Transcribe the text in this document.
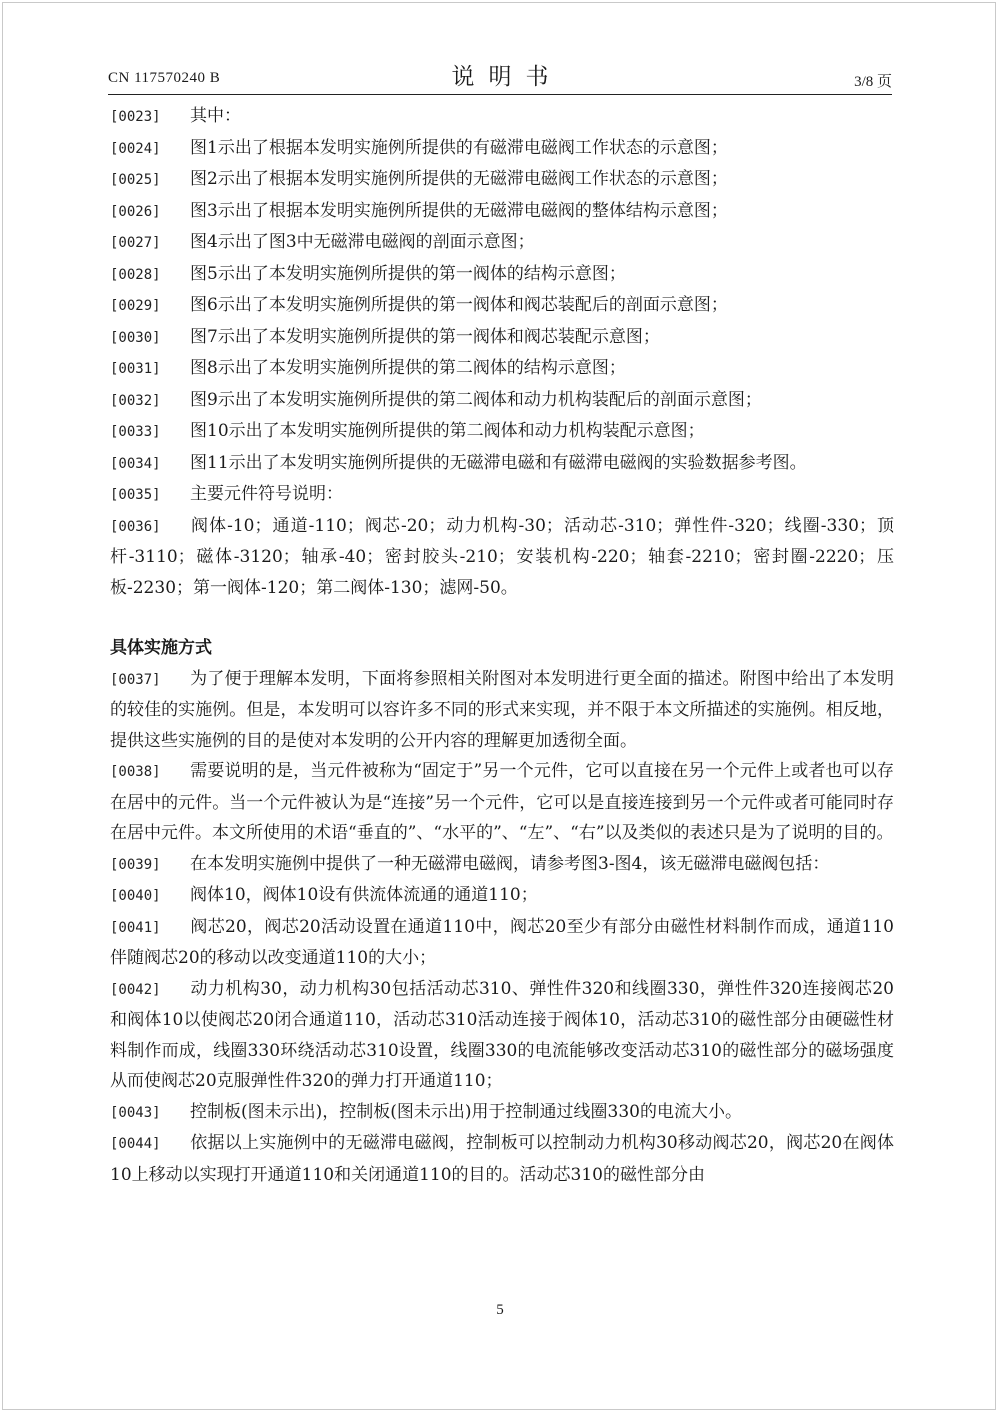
CN 117570240 B	说明书	3/8 页

[0023] 其中：

[0024] 图1示出了根据本发明实施例所提供的有磁滞电磁阀工作状态的示意图；

[0025] 图2示出了根据本发明实施例所提供的无磁滞电磁阀工作状态的示意图；

[0026] 图3示出了根据本发明实施例所提供的无磁滞电磁阀的整体结构示意图；

[0027] 图4示出了图3中无磁滞电磁阀的剖面示意图；

[0028] 图5示出了本发明实施例所提供的第一阀体的结构示意图；

[0029] 图6示出了本发明实施例所提供的第一阀体和阀芯装配后的剖面示意图；

[0030] 图7示出了本发明实施例所提供的第一阀体和阀芯装配示意图；

[0031] 图8示出了本发明实施例所提供的第二阀体的结构示意图；

[0032] 图9示出了本发明实施例所提供的第二阀体和动力机构装配后的剖面示意图；

[0033] 图10示出了本发明实施例所提供的第二阀体和动力机构装配示意图；

[0034] 图11示出了本发明实施例所提供的无磁滞电磁和有磁滞电磁阀的实验数据参考图。

[0035] 主要元件符号说明：

[0036] 阀体-10；通道-110；阀芯-20；动力机构-30；活动芯-310；弹性件-320；线圈-330；顶杆-3110；磁体-3120；轴承-40；密封胶头-210；安装机构-220；轴套-2210；密封圈-2220；压板-2230；第一阀体-120；第二阀体-130；滤网-50。

具体实施方式

[0037] 为了便于理解本发明，下面将参照相关附图对本发明进行更全面的描述。附图中给出了本发明的较佳的实施例。但是，本发明可以容许多不同的形式来实现，并不限于本文所描述的实施例。相反地，提供这些实施例的目的是使对本发明的公开内容的理解更加透彻全面。

[0038] 需要说明的是，当元件被称为“固定于”另一个元件，它可以直接在另一个元件上或者也可以存在居中的元件。当一个元件被认为是“连接”另一个元件，它可以是直接连接到另一个元件或者可能同时存在居中元件。本文所使用的术语“垂直的”、“水平的”、“左”、“右”以及类似的表述只是为了说明的目的。

[0039] 在本发明实施例中提供了一种无磁滞电磁阀，请参考图3-图4，该无磁滞电磁阀包括：

[0040] 阀体10，阀体10设有供流体流通的通道110；

[0041] 阀芯20，阀芯20活动设置在通道110中，阀芯20至少有部分由磁性材料制作而成，通道110伴随阀芯20的移动以改变通道110的大小；

[0042] 动力机构30，动力机构30包括活动芯310、弹性件320和线圈330，弹性件320连接阀芯20和阀体10以使阀芯20闭合通道110，活动芯310活动连接于阀体10，活动芯310的磁性部分由硬磁性材料制作而成，线圈330环绕活动芯310设置，线圈330的电流能够改变活动芯310的磁性部分的磁场强度从而使阀芯20克服弹性件320的弹力打开通道110；

[0043] 控制板(图未示出)，控制板(图未示出)用于控制通过线圈330的电流大小。

[0044] 依据以上实施例中的无磁滞电磁阀，控制板可以控制动力机构30移动阀芯20，阀芯20在阀体10上移动以实现打开通道110和关闭通道110的目的。活动芯310的磁性部分由

5
